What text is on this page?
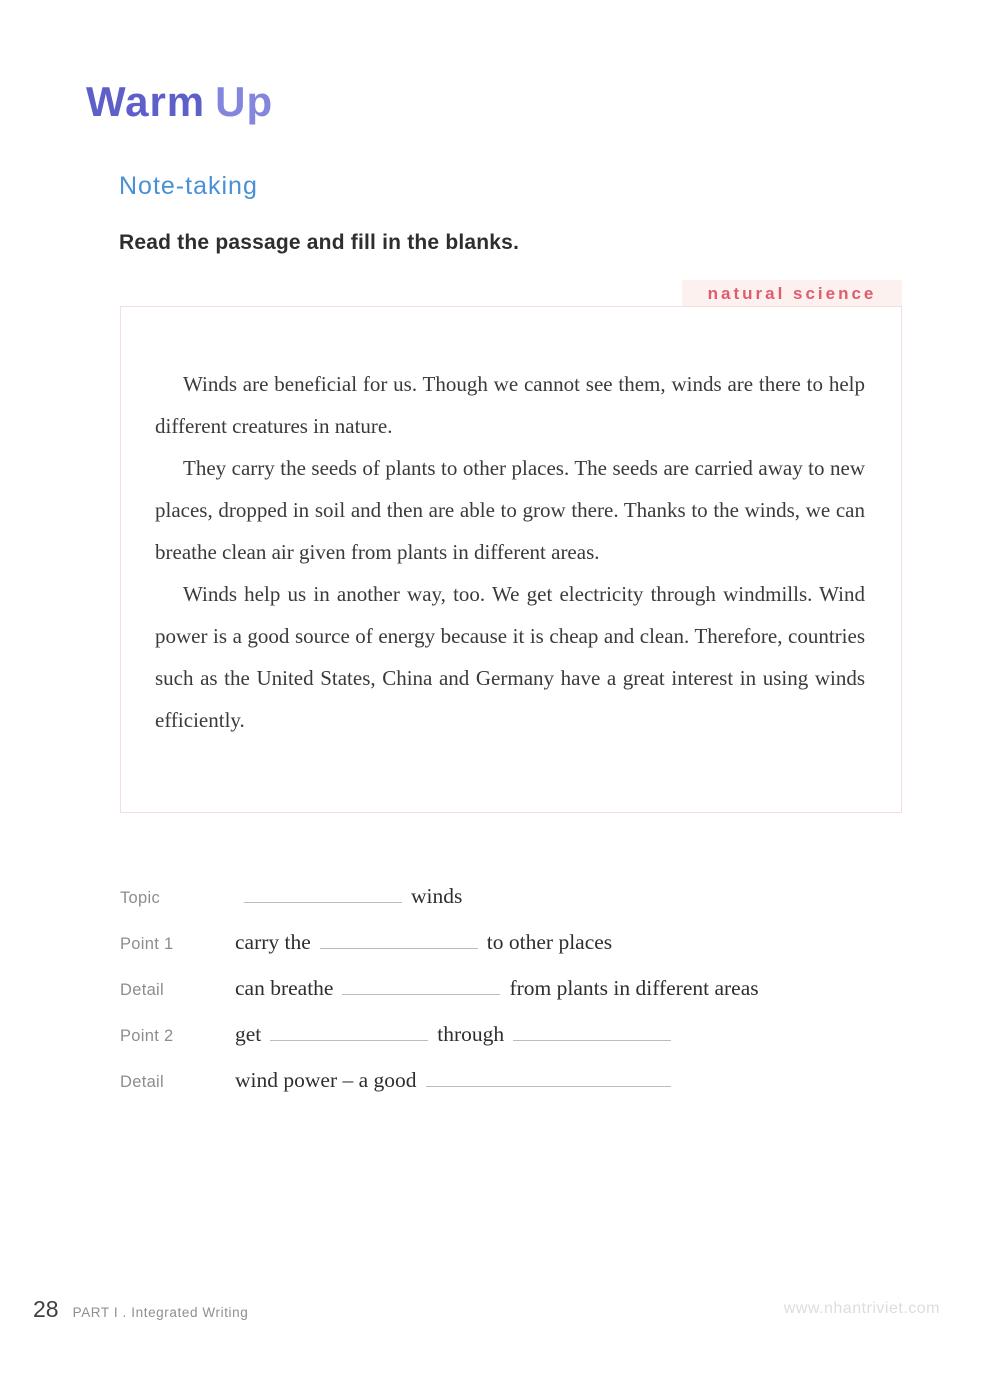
Warm Up
Note-taking
Read the passage and fill in the blanks.
natural science

Winds are beneficial for us. Though we cannot see them, winds are there to help different creatures in nature.

They carry the seeds of plants to other places. The seeds are carried away to new places, dropped in soil and then are able to grow there. Thanks to the winds, we can breathe clean air given from plants in different areas.

Winds help us in another way, too. We get electricity through windmills. Wind power is a good source of energy because it is cheap and clean. Therefore, countries such as the United States, China and Germany have a great interest in using winds efficiently.

Topic	winds
Point 1	carry the	to other places
Detail	can breathe	from plants in different areas
Point 2	get	through
Detail	wind power – a good
28 PART I . Integrated Writing	www.nhantriviet.com
